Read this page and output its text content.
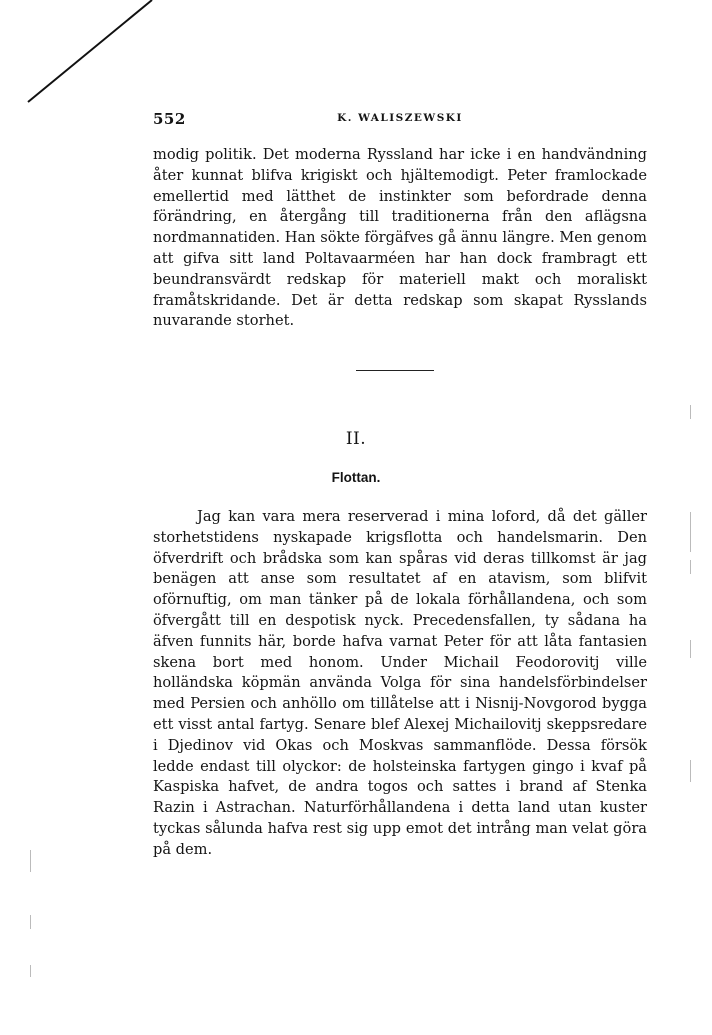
552	K. WALISZEWSKI

modig politik. Det moderna Ryssland har icke i en handvändning åter kunnat blifva krigiskt och hjältemodigt. Peter framlockade emellertid med lätthet de instinkter som befordrade denna förändring, en återgång till traditionerna från den aflägsna nordmannatiden. Han sökte förgäfves gå ännu längre. Men genom att gifva sitt land Poltavaarméen har han dock frambragt ett beundransvärdt redskap för materiell makt och moraliskt framåtskridande. Det är detta redskap som skapat Rysslands nuvarande storhet.

II.
Flottan.

Jag kan vara mera reserverad i mina loford, då det gäller storhetstidens nyskapade krigsflotta och handelsmarin. Den öfverdrift och brådska som kan spåras vid deras tillkomst är jag benägen att anse som resultatet af en atavism, som blifvit oförnuftig, om man tänker på de lokala förhållandena, och som öfvergått till en despotisk nyck. Precedensfallen, ty sådana ha äfven funnits här, borde hafva varnat Peter för att låta fantasien skena bort med honom. Under Michail Feodorovitj ville holländska köpmän använda Volga för sina handelsförbindelser med Persien och anhöllo om tillåtelse att i Nisnij-Novgorod bygga ett visst antal fartyg. Senare blef Alexej Michailovitj skeppsredare i Djedinov vid Okas och Moskvas sammanflöde. Dessa försök ledde endast till olyckor: de holsteinska fartygen gingo i kvaf på Kaspiska hafvet, de andra togos och sattes i brand af Stenka Razin i Astrachan. Naturförhållandena i detta land utan kuster tyckas sålunda hafva rest sig upp emot det intrång man velat göra på dem.
